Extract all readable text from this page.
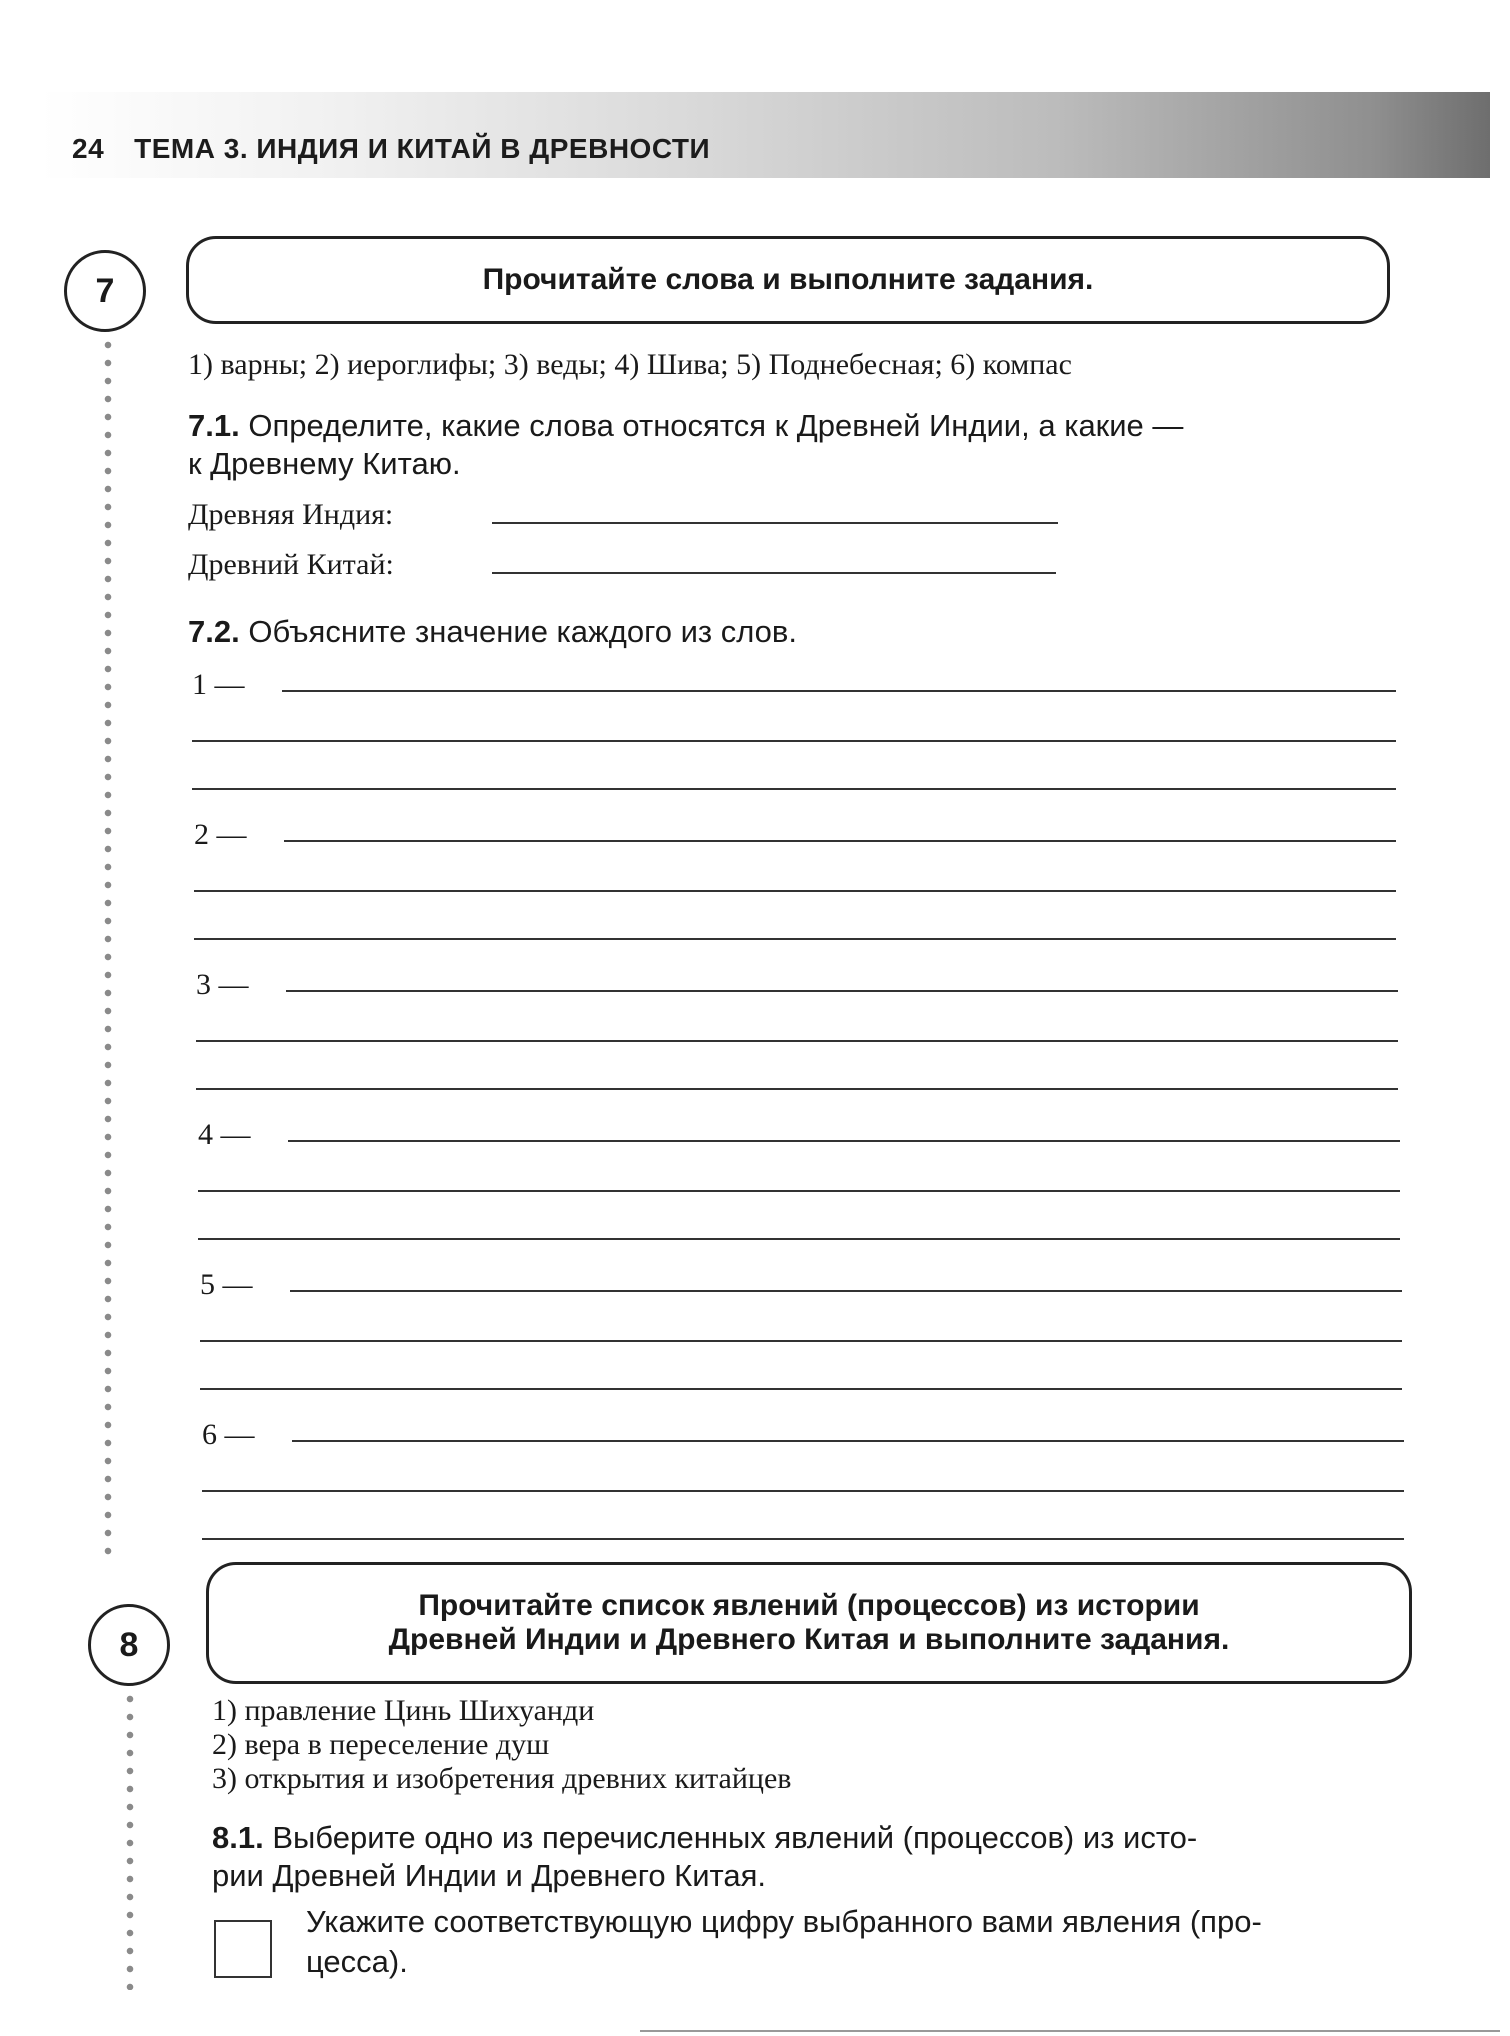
24 ТЕМА 3. ИНДИЯ И КИТАЙ В ДРЕВНОСТИ
7	Прочитайте слова и выполните задания.
1) варны; 2) иероглифы; 3) веды; 4) Шива; 5) Поднебесная; 6) компас
7.1. Определите, какие слова относятся к Древней Индии, а какие —
к Древнему Китаю.
Древняя Индия:
Древний Китай:
7.2. Объясните значение каждого из слов.
1 —
2 —
3 —
4 —
5 —
6 —
8
Прочитайте список явлений (процессов) из истории
Древней Индии и Древнего Китая и выполните задания.
1) правление Цинь Шихуанди
2) вера в переселение душ
3) открытия и изобретения древних китайцев
8.1. Выберите одно из перечисленных явлений (процессов) из исто-
рии Древней Индии и Древнего Китая.
Укажите соответствующую цифру выбранного вами явления (про-
цесса).
